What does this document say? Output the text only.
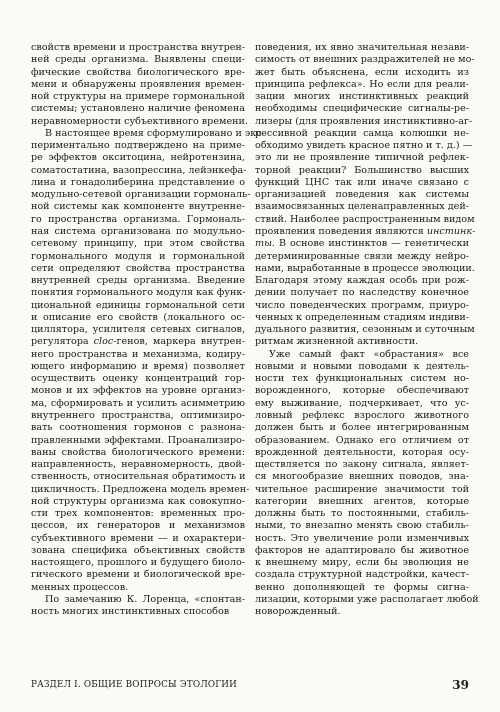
свойств времени и пространства внутрен-
ней среды организма. Выявлены специ-
фические свойства биологического вре-
мени и обнаружены проявления времен-
ной структуры на примере гормональной
системы; установлено наличие феномена
неравномерности субъективного времени.
В настоящее время сформулировано и экс-
периментально подтверждено на приме-
ре эффектов окситоцина, нейротензина,
соматостатина, вазопрессина, лейэнкефа-
лина и гонадолиберина представление о
модульно-сетевой организации гормональ-
ной системы как компоненте внутренне-
го пространства организма. Гормональ-
ная система организована по модульно-
сетевому принципу, при этом свойства
гормонального модуля и гормональной
сети определяют свойства пространства
внутренней среды организма. Введение
понятия гормонального модуля как функ-
циональной единицы гормональной сети
и описание его свойств (локального ос-
циллятора, усилителя сетевых сигналов,
регулятора cloc-генов, маркера внутрен-
него пространства и механизма, кодиру-
ющего информацию и время) позволяет
осуществить оценку концентраций гор-
монов и их эффектов на уровне организ-
ма, сформировать и усилить асимметрию
внутреннего пространства, оптимизиро-
вать соотношения гормонов с разнона-
правленными эффектами. Проанализиро-
ваны свойства биологического времени:
направленность, неравномерность, двой-
ственность, относительная обратимость и
цикличность. Предложена модель времен-
ной структуры организма как совокупно-
сти трех компонентов: временных про-
цессов, их генераторов и механизмов
субъективного времени — и охарактери-
зована специфика объективных свойств
настоящего, прошлого и будущего биоло-
гического времени и биологической вре-
менных процессов.
По замечанию К. Лоренца, «спонтан-
ность многих инстинктивных способов
поведения, их явно значительная незави-
симость от внешних раздражителей не мо-
жет быть объяснена, если исходить из
принципа рефлекса». Но если для реали-
зации многих инстинктивных реакций
необходимы специфические сигналы-ре-
лизеры (для проявления инстинктивно-аг-
рессивной реакции самца колюшки не-
обходимо увидеть красное пятно и т. д.) —
это ли не проявление типичной рефлек-
торной реакции? Большинство высших
функций ЦНС так или иначе связано с
организацией поведения как системы
взаимосвязанных целенаправленных дей-
ствий. Наиболее распространенным видом
проявления поведения являются инстинк-
ты. В основе инстинктов — генетически
детерминированные связи между нейро-
нами, выработанные в процессе эволюции.
Благодаря этому каждая особь при рож-
дении получает по наследству конечное
число поведенческих программ, приуро-
ченных к определенным стадиям индиви-
дуального развития, сезонным и суточным
ритмам жизненной активности.
Уже самый факт «обрастания» все
новыми и новыми поводами к деятель-
ности тех функциональных систем но-
ворожденного, которые обеспечивают
ему выживание, подчеркивает, что ус-
ловный рефлекс взрослого животного
должен быть и более интегрированным
образованием. Однако его отличием от
врожденной деятельности, которая осу-
ществляется по закону сигнала, являет-
ся многообразие внешних поводов, зна-
чительное расширение значимости той
категории внешних агентов, которые
должны быть то постоянными, стабиль-
ными, то внезапно менять свою стабиль-
ность. Это увеличение роли изменчивых
факторов не адаптировало бы животное
к внешнему миру, если бы эволюция не
создала структурной надстройки, качест-
венно дополняющей те формы сигна-
лизации, которыми уже располагает любой
новорожденный.
РАЗДЕЛ I. ОБЩИЕ ВОПРОСЫ ЭТОЛОГИИ	39
